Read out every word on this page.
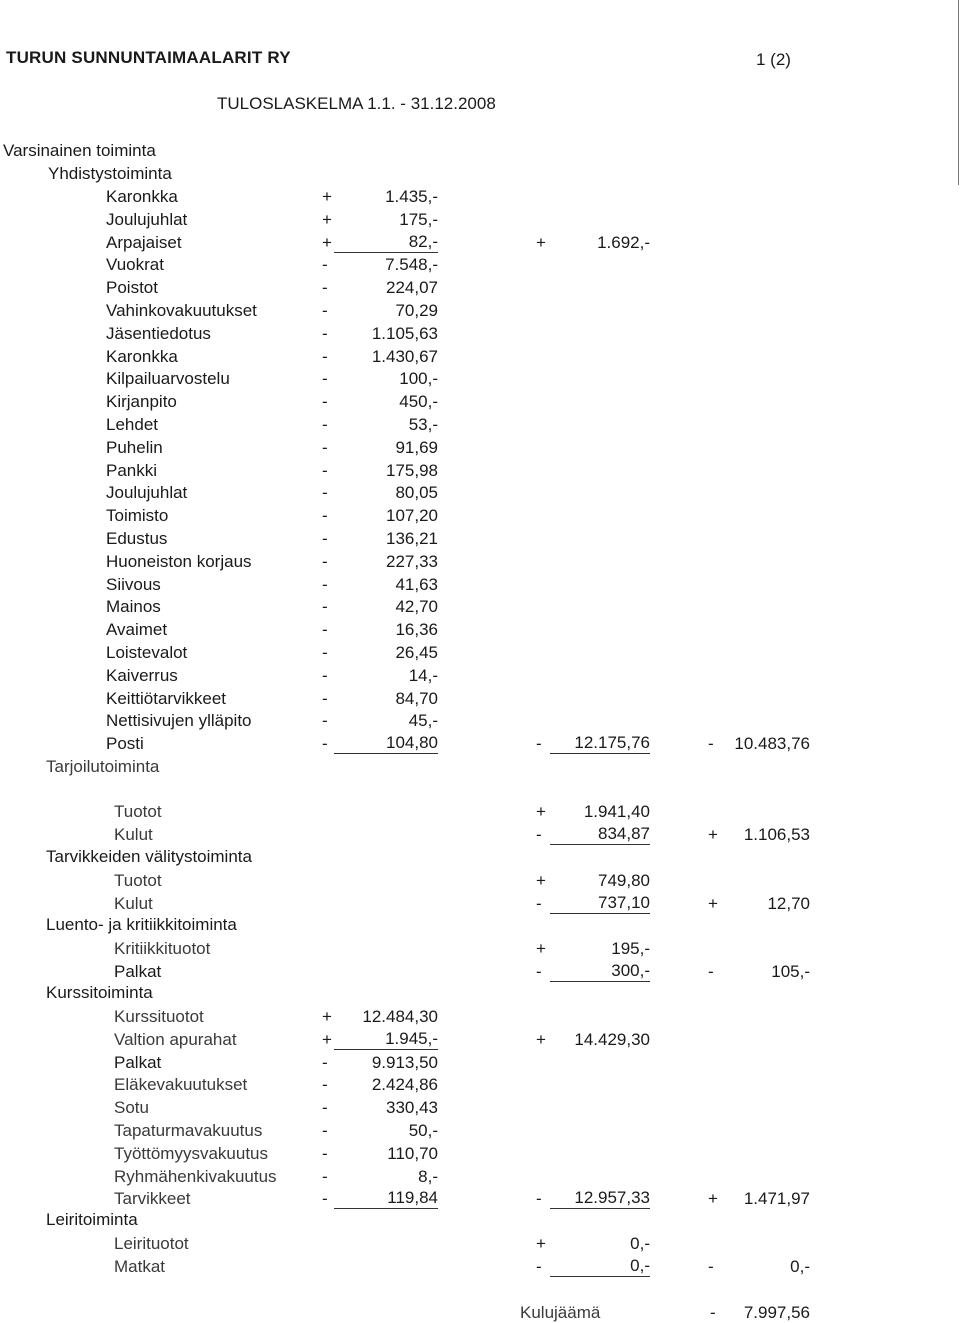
TURUN SUNNUNTAIMAALARIT RY	1 (2)
TULOSLASKELMA 1.1. - 31.12.2008
Varsinainen toiminta
Yhdistystoiminta
Karonkka	+	1.435,-
Joulujuhlat	+	175,-
Arpajaiset	+	82,-	+	1.692,-
Vuokrat	-	7.548,-
Poistot	-	224,07
Vahinkovakuutukset	-	70,29
Jäsentiedotus	-	1.105,63
Karonkka	-	1.430,67
Kilpailuarvostelu	-	100,-
Kirjanpito	-	450,-
Lehdet	-	53,-
Puhelin	-	91,69
Pankki	-	175,98
Joulujuhlat	-	80,05
Toimisto	-	107,20
Edustus	-	136,21
Huoneiston korjaus	-	227,33
Siivous	-	41,63
Mainos	-	42,70
Avaimet	-	16,36
Loistevalot	-	26,45
Kaiverrus	-	14,-
Keittiötarvikkeet	-	84,70
Nettisivujen ylläpito	-	45,-
Posti	-	104,80	-	12.175,76	-	10.483,76
Tarjoilutoiminta
Tuotot	+	1.941,40
Kulut	-	834,87	+	1.106,53
Tarvikkeiden välitystoiminta
Tuotot	+	749,80
Kulut	-	737,10	+	12,70
Luento- ja kritiikkitoiminta
Kritiikkituotot	+	195,-
Palkat	-	300,-	-	105,-
Kurssitoiminta
Kurssituotot	+	12.484,30
Valtion apurahat	+	1.945,-	+	14.429,30
Palkat	-	9.913,50
Eläkevakuutukset	-	2.424,86
Sotu	-	330,43
Tapaturmavakuutus	-	50,-
Työttömyysvakuutus	-	110,70
Ryhmähenkivakuutus	-	8,-
Tarvikkeet	-	119,84	-	12.957,33	+	1.471,97
Leiritoiminta
Leirituotot	+	0,-
Matkat	-	0,-	-	0,-
Kulujäämä	-	7.997,56
